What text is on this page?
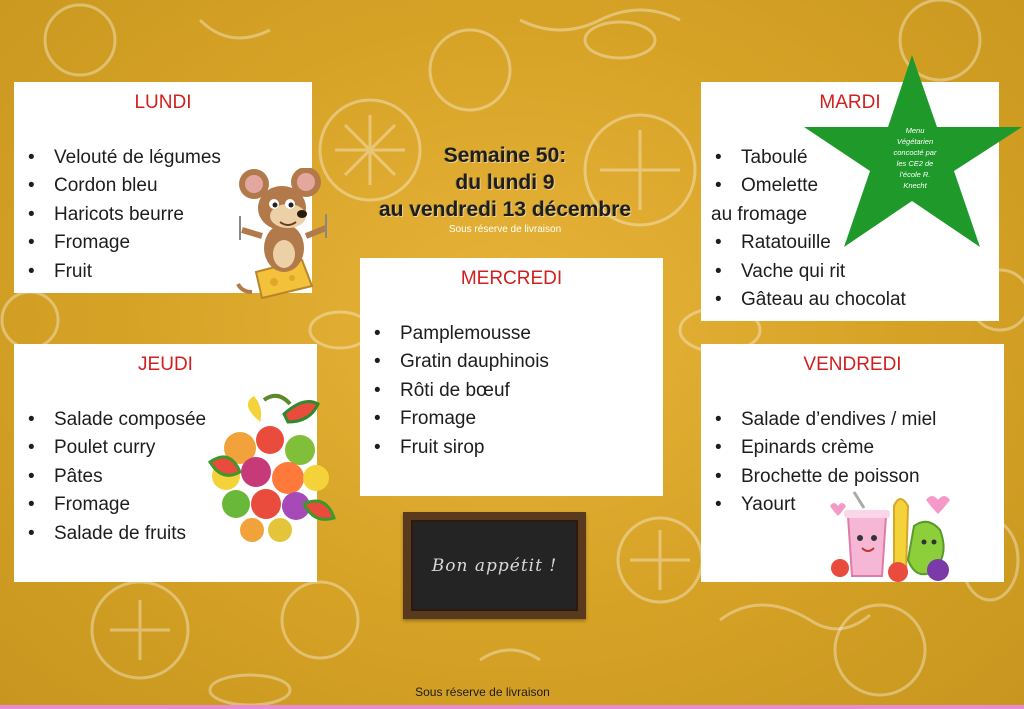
Semaine 50:
du lundi 9
au vendredi 13 décembre
Sous réserve de livraison
LUNDI
• Velouté de légumes
• Cordon bleu
• Haricots beurre
• Fromage
• Fruit
MARDI
• Taboulé
• Omelette
au fromage
• Ratatouille
• Vache qui rit
• Gâteau au chocolat
Menu
Végétarien
concocté par
les CE2 de
l’école R.
Knecht
MERCREDI
• Pamplemousse
• Gratin dauphinois
• Rôti de bœuf
• Fromage
• Fruit sirop
JEUDI
• Salade composée
• Poulet curry
• Pâtes
• Fromage
• Salade de fruits
VENDREDI
• Salade d’endives / miel
• Epinards crème
• Brochette de poisson
• Yaourt
Bon appétit !
Sous réserve de livraison
